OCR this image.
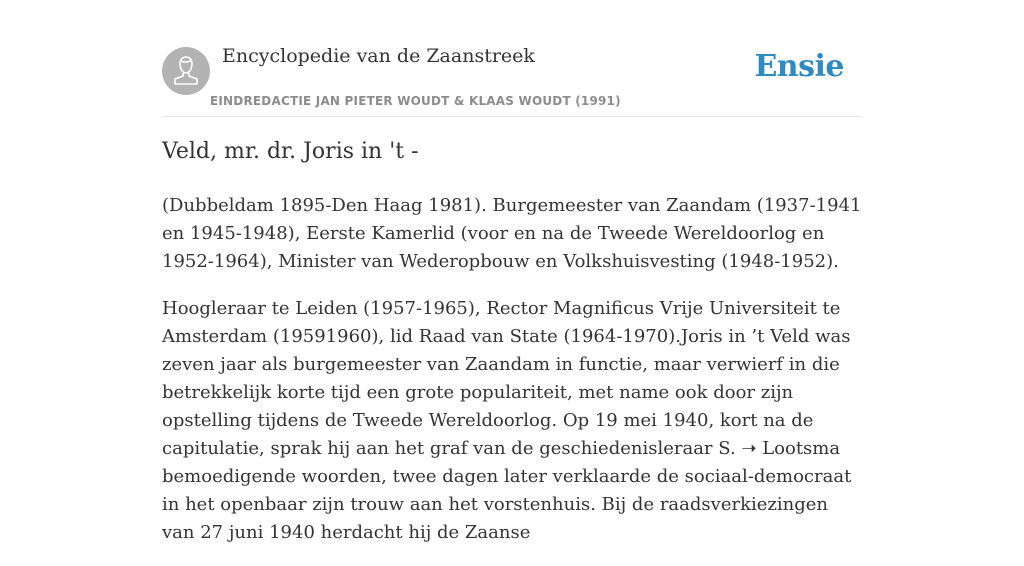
Encyclopedie van de Zaanstreek
EINDREDACTIE JAN PIETER WOUDT & KLAAS WOUDT (1991)
Ensie
Veld, mr. dr. Joris in 't -

(Dubbeldam 1895-Den Haag 1981). Burgemeester van Zaandam (1937-1941 en 1945-1948), Eerste Kamerlid (voor en na de Tweede Wereldoorlog en 1952-1964), Minister van Wederopbouw en Volkshuisvesting (1948-1952).

Hoogleraar te Leiden (1957-1965), Rector Magnificus Vrije Universiteit te Amsterdam (19591960), lid Raad van State (1964-1970).Joris in ’t Veld was zeven jaar als burgemeester van Zaandam in functie, maar verwierf in die betrekkelijk korte tijd een grote populariteit, met name ook door zijn opstelling tijdens de Tweede Wereldoorlog. Op 19 mei 1940, kort na de capitulatie, sprak hij aan het graf van de geschiedenisleraar S. ➝ Lootsma bemoedigende woorden, twee dagen later verklaarde de sociaal-democraat in het openbaar zijn trouw aan het vorstenhuis. Bij de raadsverkiezingen van 27 juni 1940 herdacht hij de Zaanse
